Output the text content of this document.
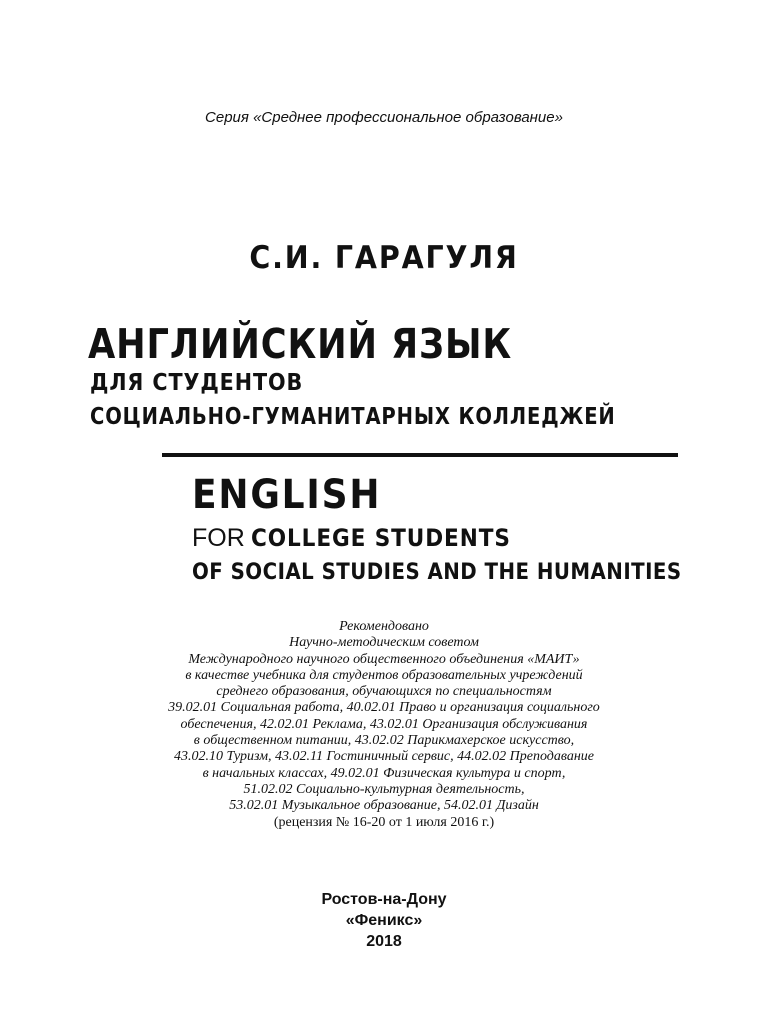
Серия «Среднее профессиональное образование»
С.И. ГАРАГУЛЯ
АНГЛИЙСКИЙ ЯЗЫК
ДЛЯ СТУДЕНТОВ
СОЦИАЛЬНО-ГУМАНИТАРНЫХ КОЛЛЕДЖЕЙ
ENGLISH
FOR COLLEGE STUDENTS
OF SOCIAL STUDIES AND THE HUMANITIES
Рекомендовано
Научно-методическим советом
Международного научного общественного объединения «МАИТ»
в качестве учебника для студентов образовательных учреждений
среднего образования, обучающихся по специальностям
39.02.01 Социальная работа, 40.02.01 Право и организация социального
обеспечения, 42.02.01 Реклама, 43.02.01 Организация обслуживания
в общественном питании, 43.02.02 Парикмахерское искусство,
43.02.10 Туризм, 43.02.11 Гостиничный сервис, 44.02.02 Преподавание
в начальных классах, 49.02.01 Физическая культура и спорт,
51.02.02 Социально-культурная деятельность,
53.02.01 Музыкальное образование, 54.02.01 Дизайн
(рецензия № 16-20 от 1 июля 2016 г.)
Ростов-на-Дону
«Феникс»
2018
